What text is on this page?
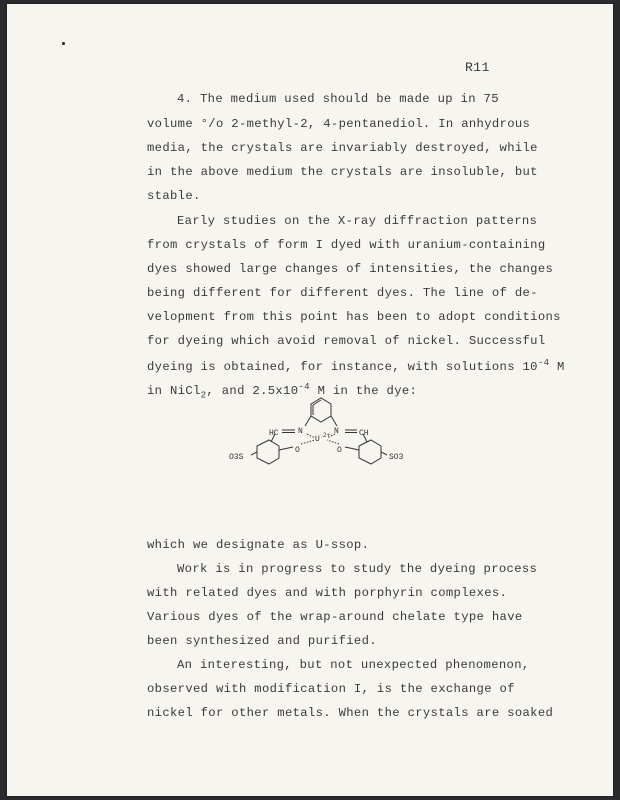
R11
4. The medium used should be made up in 75
volume °/o 2-methyl-2, 4-pentanediol. In anhydrous
media, the crystals are invariably destroyed, while
in the above medium the crystals are insoluble, but
stable.
Early studies on the X-ray diffraction patterns
from crystals of form I dyed with uranium-containing
dyes showed large changes of intensities, the changes
being different for different dyes. The line of de-
velopment from this point has been to adopt conditions
for dyeing which avoid removal of nickel. Successful
dyeing is obtained, for instance, with solutions $10^{-4}$ M
in NiCl$_2$, and $2.5x10^{-4}$ M in the dye:
HC N	N	CH
U 2+
O	O
O3S	SO3
which we designate as U-ssop.
Work is in progress to study the dyeing process
with related dyes and with porphyrin complexes.
Various dyes of the wrap-around chelate type have
been synthesized and purified.
An interesting, but not unexpected phenomenon,
observed with modification I, is the exchange of
nickel for other metals. When the crystals are soaked
